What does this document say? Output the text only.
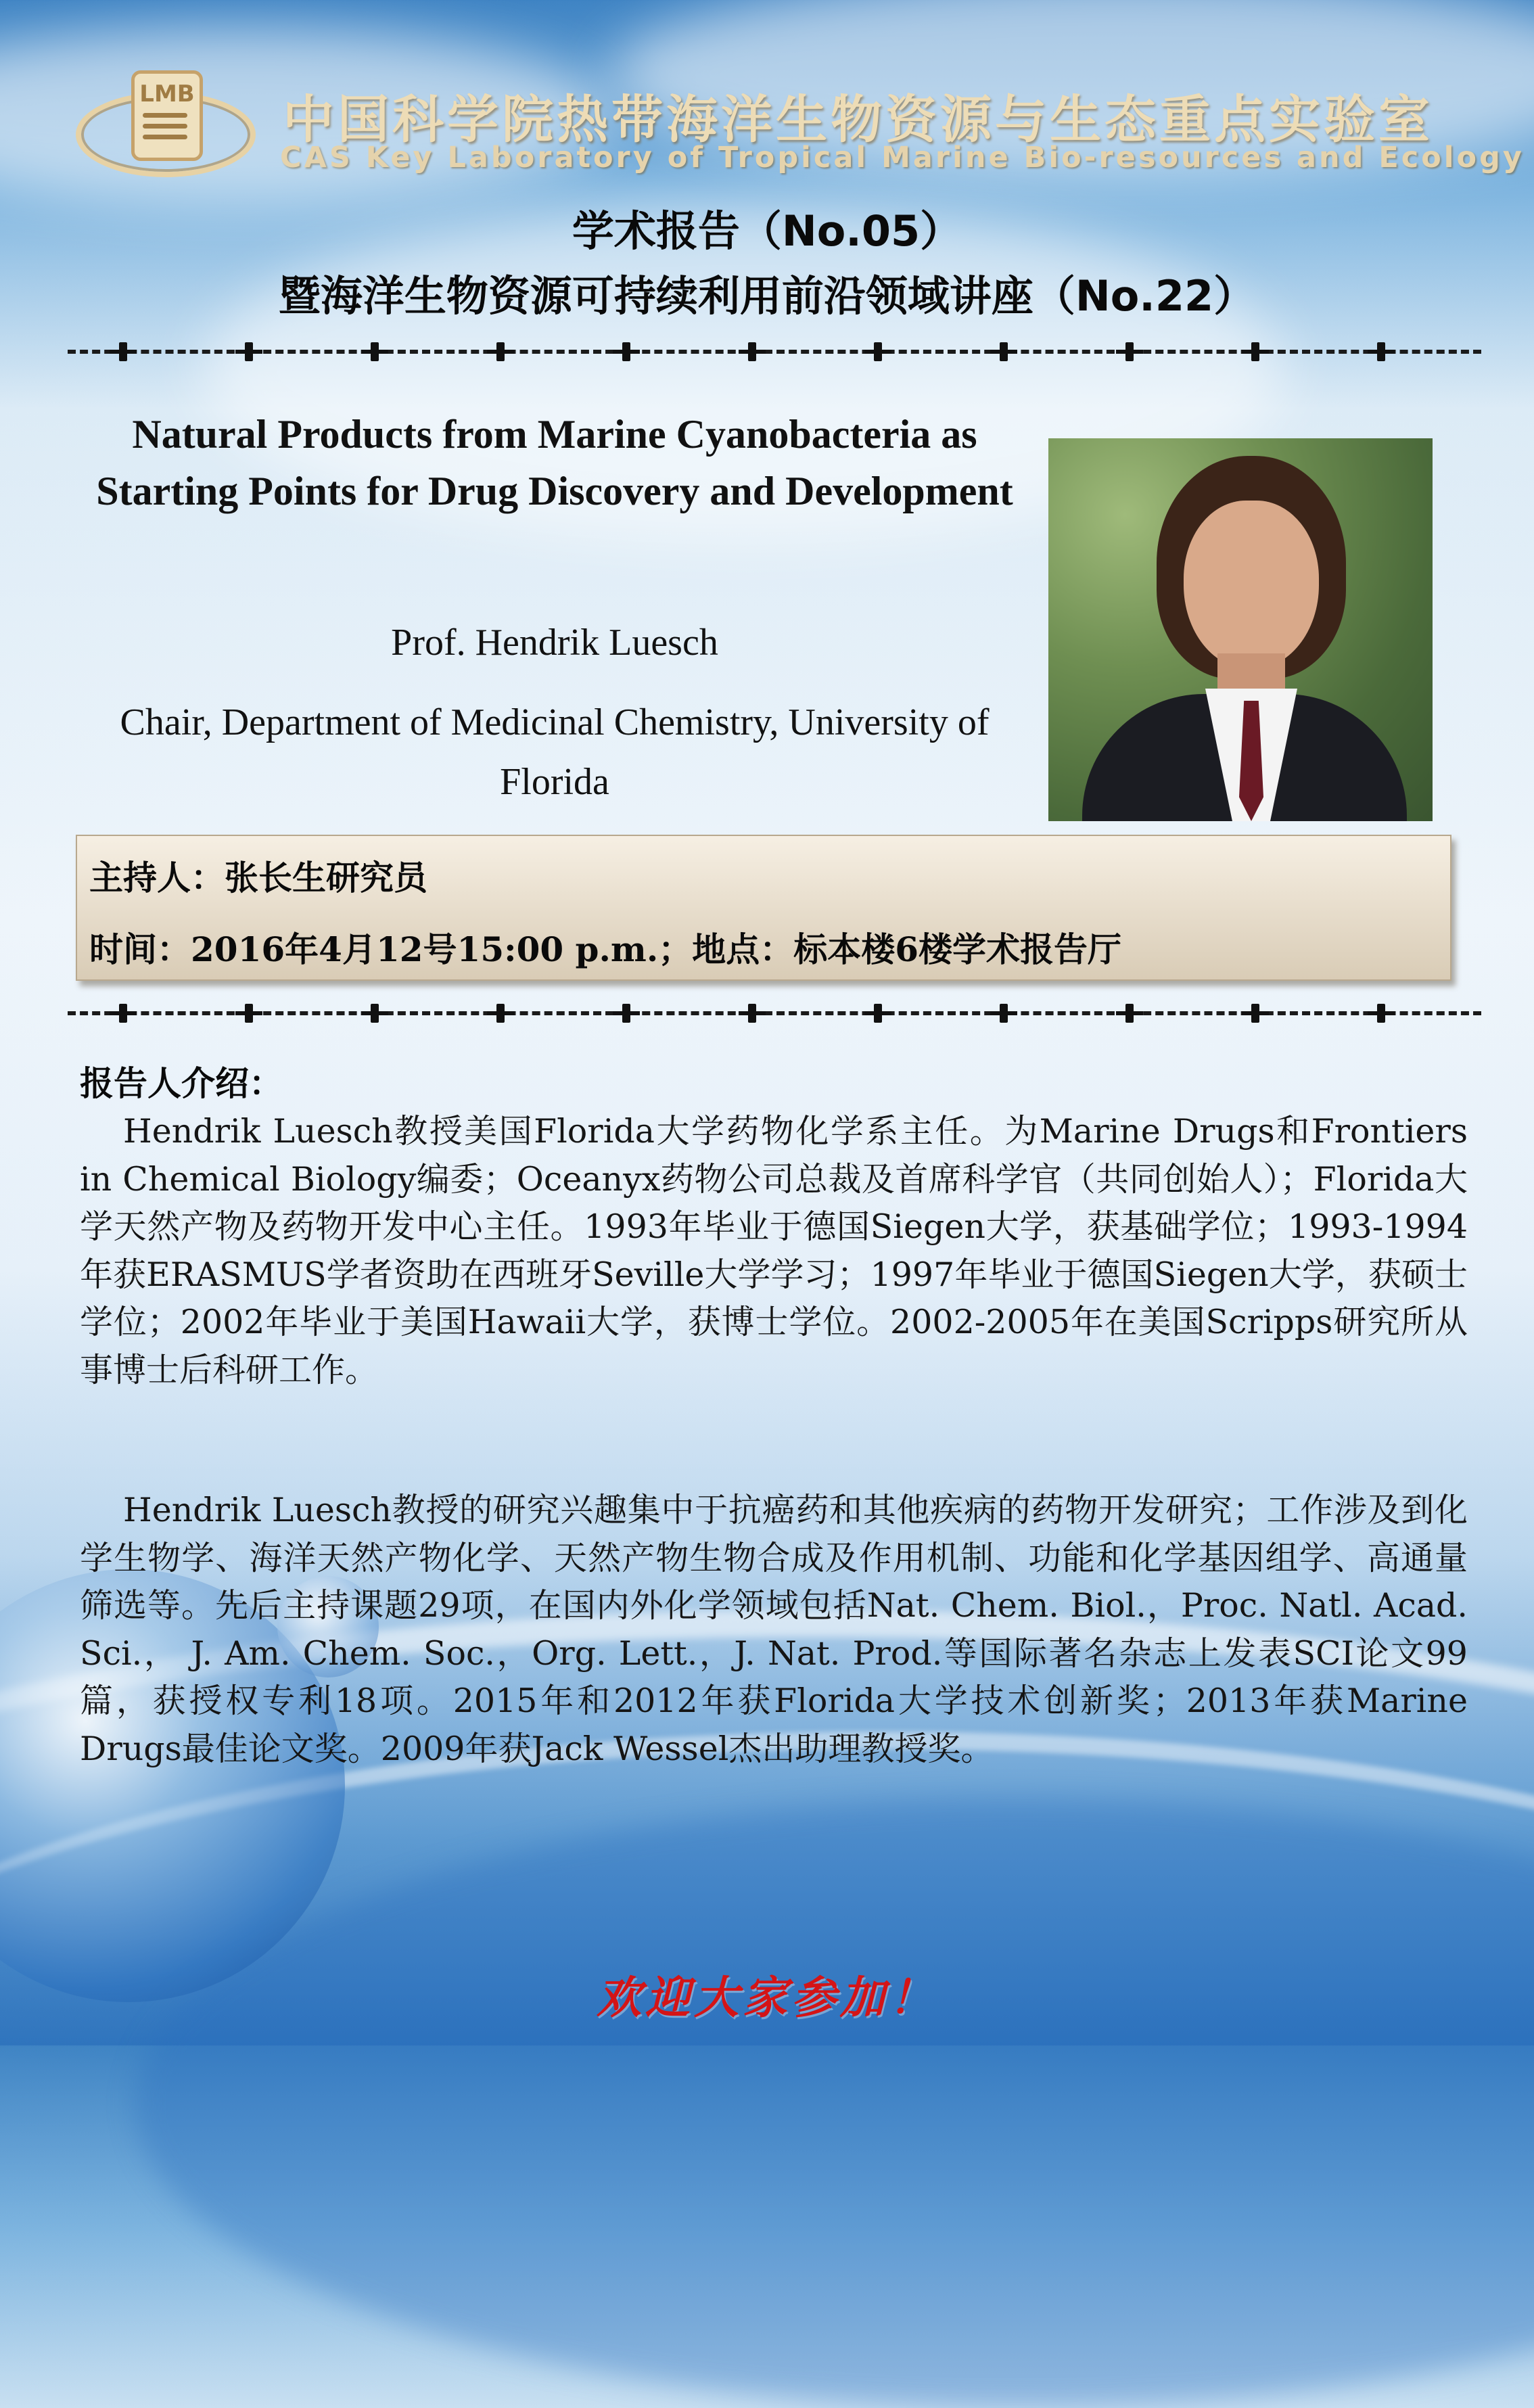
LMB 中国科学院热带海洋生物资源与生态重点实验室
CAS Key Laboratory of Tropical Marine Bio-resources and Ecology
学术报告（No.05）
暨海洋生物资源可持续利用前沿领域讲座（No.22）
Natural Products from Marine Cyanobacteria as Starting Points for Drug Discovery and Development
Prof. Hendrik Luesch
Chair, Department of Medicinal Chemistry, University of Florida
主持人：张长生研究员
时间：2016年4月12号15:00 p.m.；地点：标本楼6楼学术报告厅
报告人介绍：
Hendrik Luesch教授美国Florida大学药物化学系主任。为Marine Drugs和Frontiers in Chemical Biology编委；Oceanyx药物公司总裁及首席科学官（共同创始人）；Florida大学天然产物及药物开发中心主任。1993年毕业于德国Siegen大学，获基础学位；1993-1994年获ERASMUS学者资助在西班牙Seville大学学习；1997年毕业于德国Siegen大学，获硕士学位；2002年毕业于美国Hawaii大学，获博士学位。2002-2005年在美国Scripps研究所从事博士后科研工作。
Hendrik Luesch教授的研究兴趣集中于抗癌药和其他疾病的药物开发研究；工作涉及到化学生物学、海洋天然产物化学、天然产物生物合成及作用机制、功能和化学基因组学、高通量筛选等。先后主持课题29项，在国内外化学领域包括Nat. Chem. Biol.，Proc. Natl. Acad. Sci.， J. Am. Chem. Soc.，Org. Lett.，J. Nat. Prod.等国际著名杂志上发表SCI论文99篇，获授权专利18项。2015年和2012年获Florida大学技术创新奖；2013年获Marine Drugs最佳论文奖。2009年获Jack Wessel杰出助理教授奖。
欢迎大家参加！
